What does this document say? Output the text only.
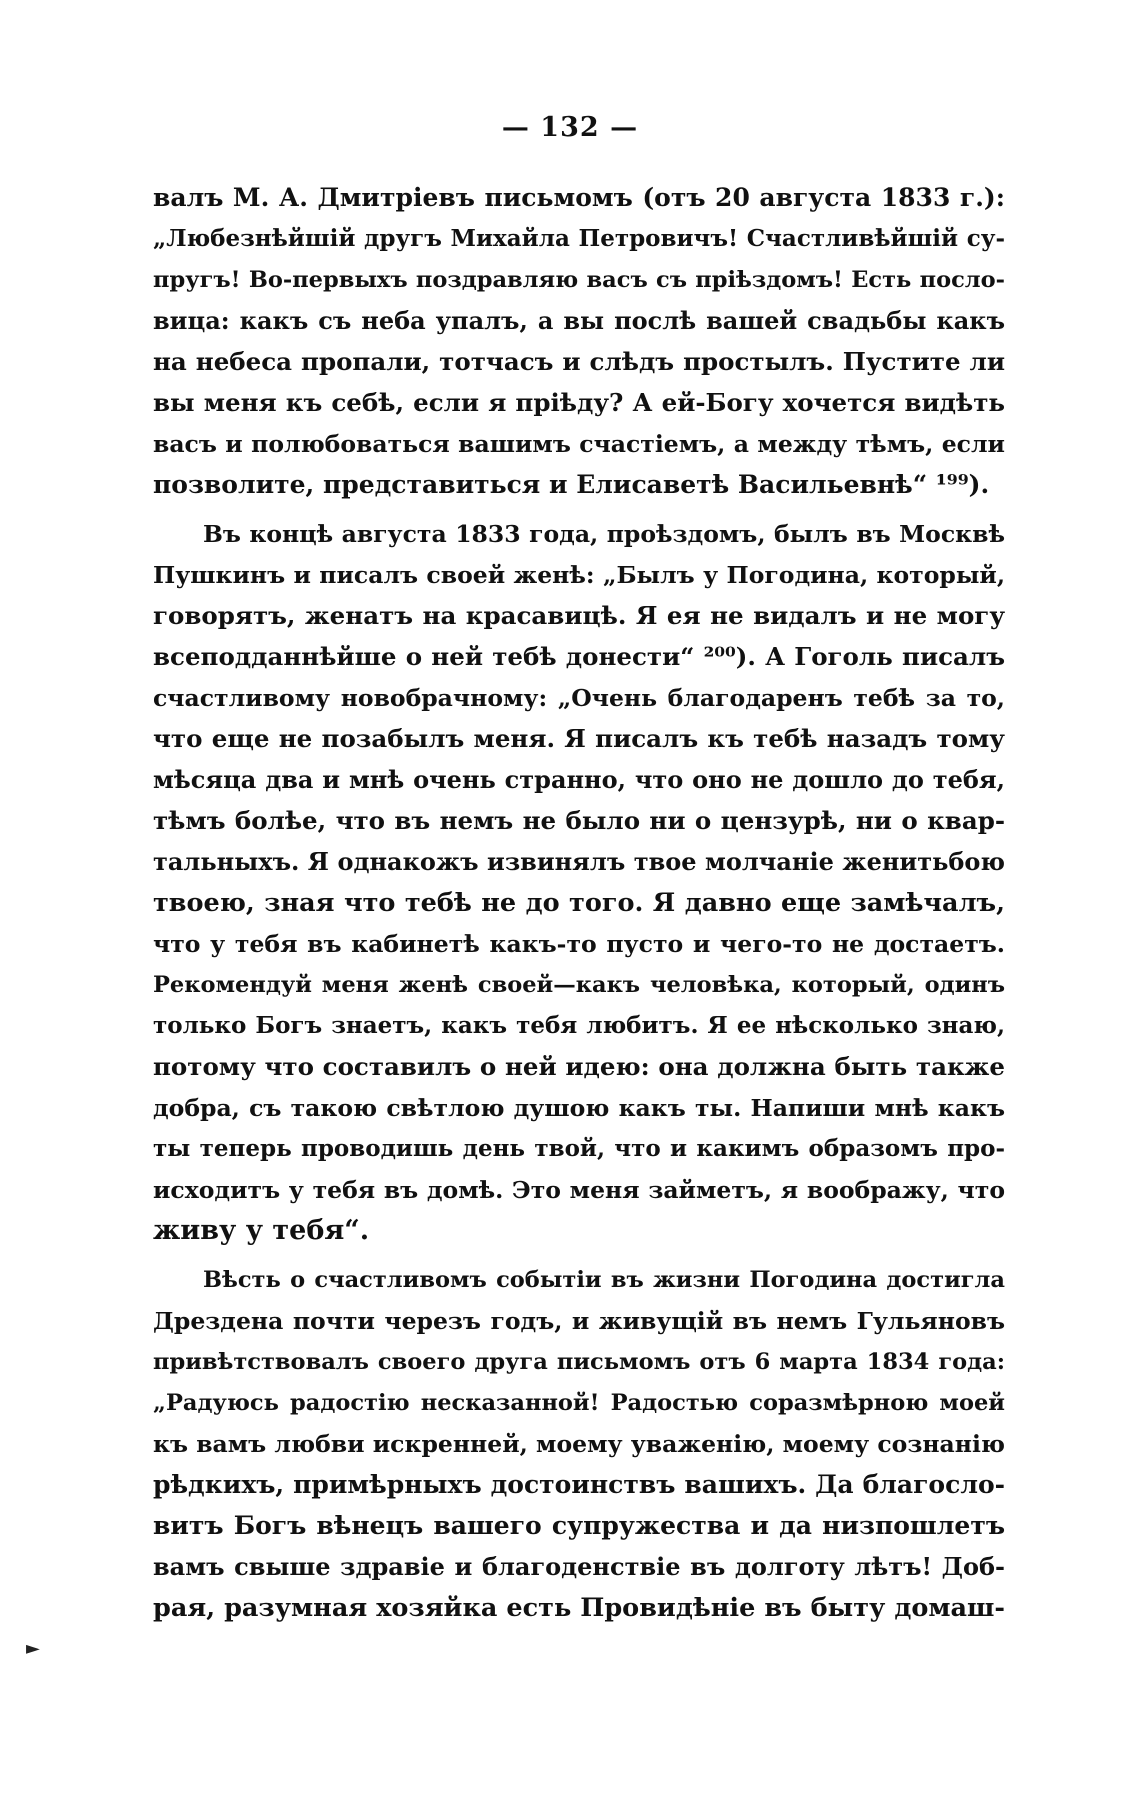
— 132 —
валъ М. А. Дмитріевъ письмомъ (отъ 20 августа 1833 г.):
„Любезнѣйшій другъ Михайла Петровичъ! Счастливѣйшій су-
пругъ! Во-первыхъ поздравляю васъ съ пріѣздомъ! Есть посло-
вица: какъ съ неба упалъ, а вы послѣ вашей свадьбы какъ
на небеса пропали, тотчасъ и слѣдъ простылъ. Пустите ли
вы меня къ себѣ, если я пріѣду? А ей-Богу хочется видѣть
васъ и полюбоваться вашимъ счастіемъ, а между тѣмъ, если
позволите, представиться и Елисаветѣ Васильевнѣ“ ¹⁹⁹).
Въ концѣ августа 1833 года, проѣздомъ, былъ въ Москвѣ
Пушкинъ и писалъ своей женѣ: „Былъ у Погодина, который,
говорятъ, женатъ на красавицѣ. Я ея не видалъ и не могу
всеподданнѣйше о ней тебѣ донести“ ²⁰⁰). А Гоголь писалъ
счастливому новобрачному: „Очень благодаренъ тебѣ за то,
что еще не позабылъ меня. Я писалъ къ тебѣ назадъ тому
мѣсяца два и мнѣ очень странно, что оно не дошло до тебя,
тѣмъ болѣе, что въ немъ не было ни о цензурѣ, ни о квар-
тальныхъ. Я однакожъ извинялъ твое молчаніе женитьбою
твоею, зная что тебѣ не до того. Я давно еще замѣчалъ,
что у тебя въ кабинетѣ какъ-то пусто и чего-то не достаетъ.
Рекомендуй меня женѣ своей—какъ человѣка, который, одинъ
только Богъ знаетъ, какъ тебя любитъ. Я ее нѣсколько знаю,
потому что составилъ о ней идею: она должна быть также
добра, съ такою свѣтлою душою какъ ты. Напиши мнѣ какъ
ты теперь проводишь день твой, что и какимъ образомъ про-
исходитъ у тебя въ домѣ. Это меня займетъ, я воображу, что
живу у тебя“.
Вѣсть о счастливомъ событіи въ жизни Погодина достигла
Дрездена почти черезъ годъ, и живущій въ немъ Гульяновъ
привѣтствовалъ своего друга письмомъ отъ 6 марта 1834 года:
„Радуюсь радостію несказанной! Радостью соразмѣрною моей
къ вамъ любви искренней, моему уваженію, моему сознанію
рѣдкихъ, примѣрныхъ достоинствъ вашихъ. Да благосло-
витъ Богъ вѣнецъ вашего супружества и да низпошлетъ
вамъ свыше здравіе и благоденствіе въ долготу лѣтъ! Доб-
рая, разумная хозяйка есть Провидѣніе въ быту домаш-
►
